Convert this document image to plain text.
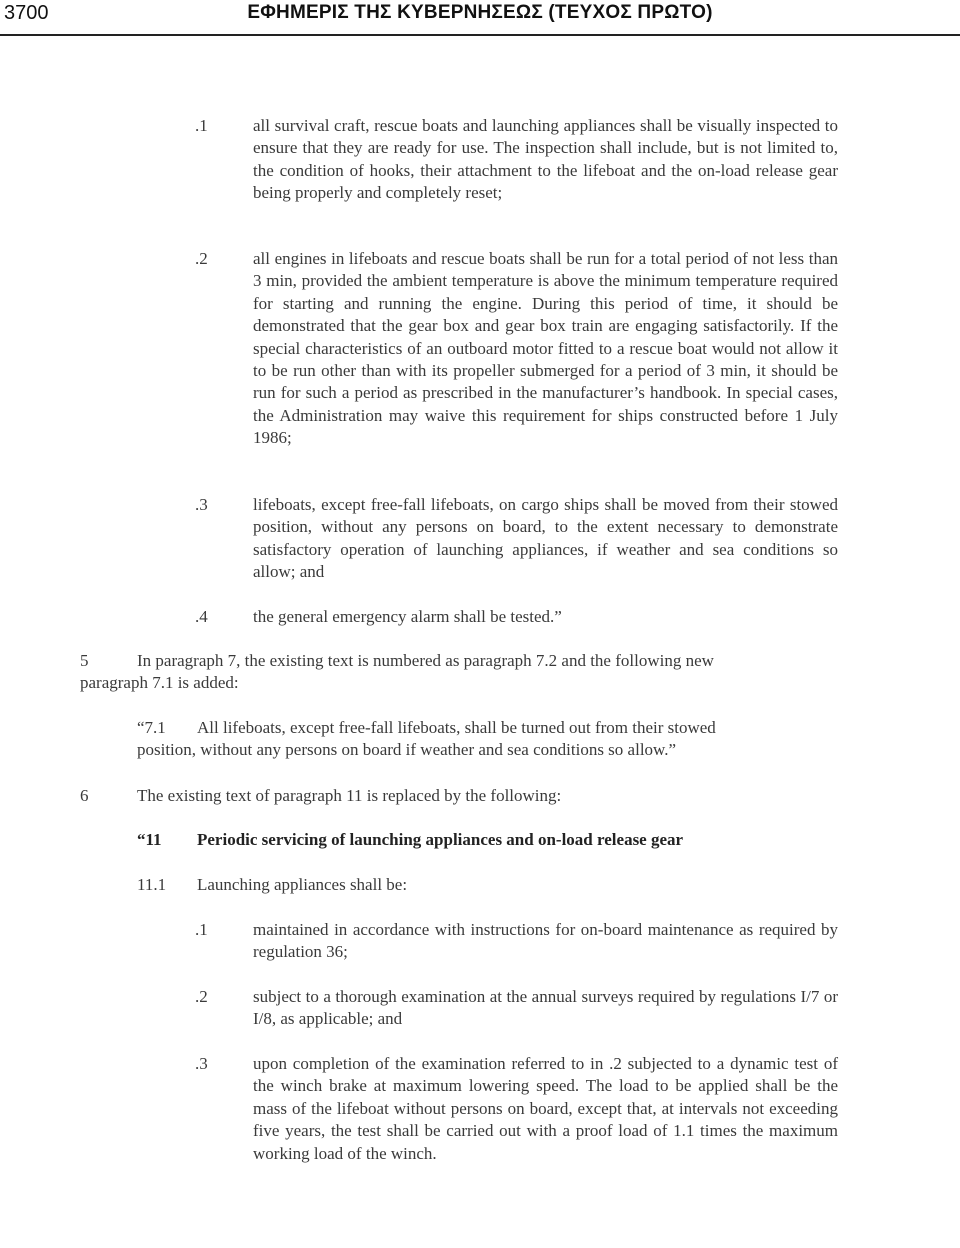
3700	ΕΦΗΜΕΡΙΣ ΤΗΣ ΚΥΒΕΡΝΗΣΕΩΣ (ΤΕΥΧΟΣ ΠΡΩΤΟ)
.1	all survival craft, rescue boats and launching appliances shall be visually inspected to ensure that they are ready for use. The inspection shall include, but is not limited to, the condition of hooks, their attachment to the lifeboat and the on-load release gear being properly and completely reset;
.2	all engines in lifeboats and rescue boats shall be run for a total period of not less than 3 min, provided the ambient temperature is above the minimum temperature required for starting and running the engine. During this period of time, it should be demonstrated that the gear box and gear box train are engaging satisfactorily. If the special characteristics of an outboard motor fitted to a rescue boat would not allow it to be run other than with its propeller submerged for a period of 3 min, it should be run for such a period as prescribed in the manufacturer’s handbook. In special cases, the Administration may waive this requirement for ships constructed before 1 July 1986;
.3	lifeboats, except free-fall lifeboats, on cargo ships shall be moved from their stowed position, without any persons on board, to the extent necessary to demonstrate satisfactory operation of launching appliances, if weather and sea conditions so allow; and
.4	the general emergency alarm shall be tested.”
5	In paragraph 7, the existing text is numbered as paragraph 7.2 and the following new
paragraph 7.1 is added:
“7.1 All lifeboats, except free-fall lifeboats, shall be turned out from their stowed
position, without any persons on board if weather and sea conditions so allow.”
6	The existing text of paragraph 11 is replaced by the following:
“11 Periodic servicing of launching appliances and on-load release gear
11.1 Launching appliances shall be:
.1	maintained in accordance with instructions for on-board maintenance as required by regulation 36;
.2	subject to a thorough examination at the annual surveys required by regulations I/7 or I/8, as applicable; and
.3	upon completion of the examination referred to in .2 subjected to a dynamic test of the winch brake at maximum lowering speed. The load to be applied shall be the mass of the lifeboat without persons on board, except that, at intervals not exceeding five years, the test shall be carried out with a proof load of 1.1 times the maximum working load of the winch.
